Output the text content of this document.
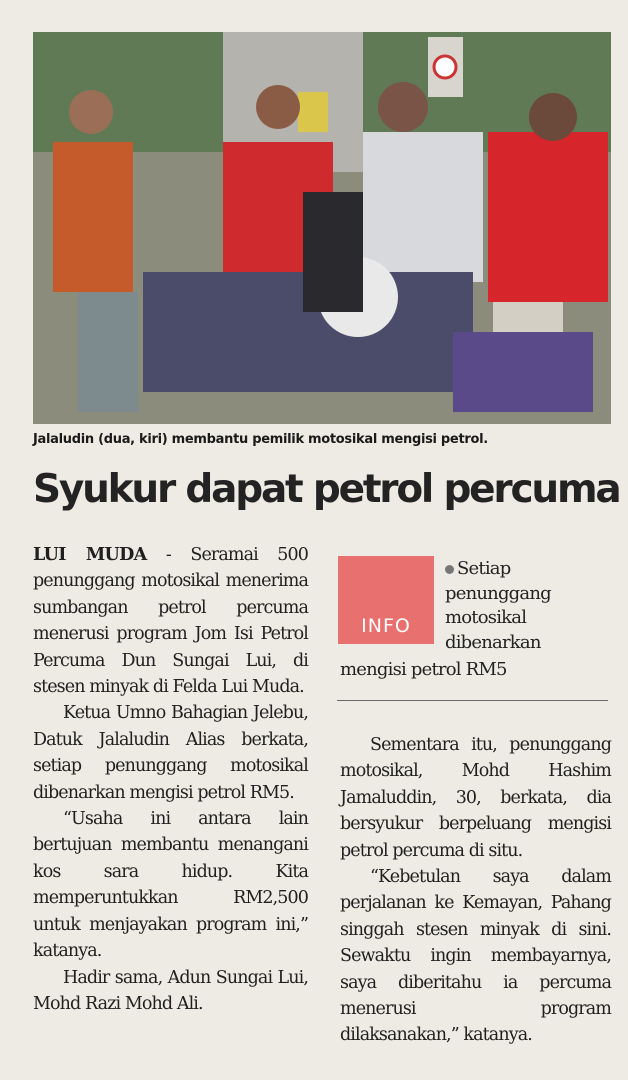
Jalaludin (dua, kiri) membantu pemilik motosikal mengisi petrol.
Syukur dapat petrol percuma

LUI MUDA - Seramai 500 penunggang motosikal menerima sumbangan petrol percuma menerusi program Jom Isi Petrol Percuma Dun Sungai Lui, di stesen minyak di Felda Lui Muda.

Ketua Umno Bahagian Jelebu, Datuk Jalaludin Alias berkata, setiap penunggang motosikal dibenarkan mengisi petrol RM5.

“Usaha ini antara lain bertujuan membantu menangani kos sara hidup. Kita memperuntukkan RM2,500 untuk menjayakan program ini,” katanya.

Hadir sama, Adun Sungai Lui, Mohd Razi Mohd Ali.

INFO
Setiap
penunggang
motosikal
dibenarkan
mengisi petrol RM5

Sementara itu, penunggang motosikal, Mohd Hashim Jamaluddin, 30, berkata, dia bersyukur berpeluang mengisi petrol percuma di situ.

“Kebetulan saya dalam perjalanan ke Kemayan, Pahang singgah stesen minyak di sini. Sewaktu ingin membayarnya, saya diberitahu ia percuma menerusi program dilaksanakan,” katanya.
